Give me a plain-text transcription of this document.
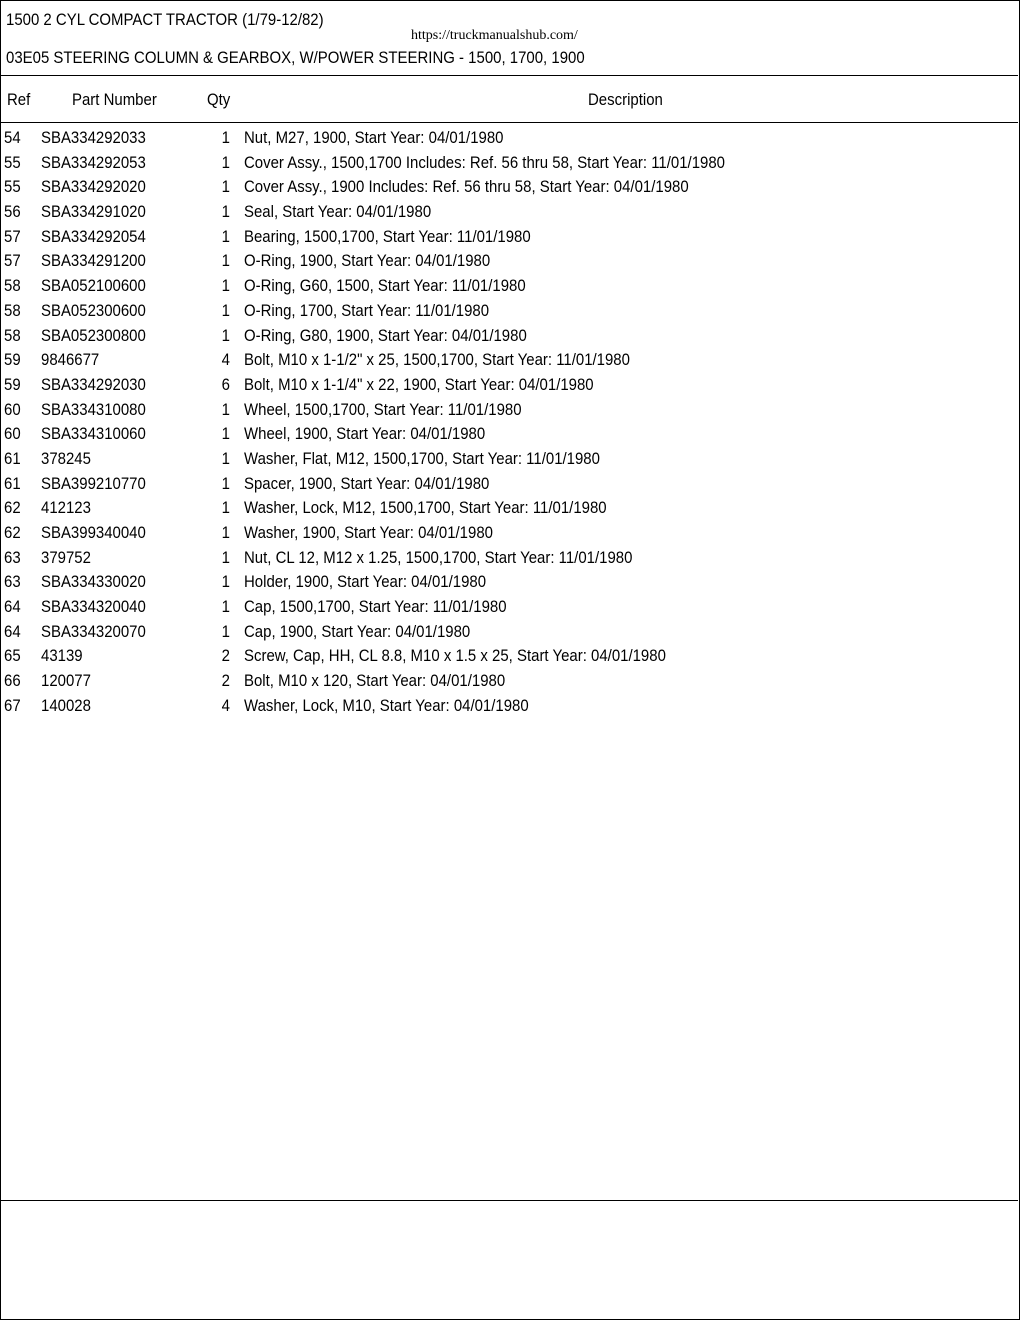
1500 2 CYL COMPACT TRACTOR (1/79-12/82)
https://truckmanualshub.com/
03E05 STEERING COLUMN & GEARBOX, W/POWER STEERING - 1500, 1700, 1900
Ref Part Number	Qty	Description
54 SBA334292033	1 Nut, M27, 1900, Start Year: 04/01/1980
55 SBA334292053	1 Cover Assy., 1500,1700 Includes: Ref. 56 thru 58, Start Year: 11/01/1980
55 SBA334292020	1 Cover Assy., 1900 Includes: Ref. 56 thru 58, Start Year: 04/01/1980
56 SBA334291020	1 Seal, Start Year: 04/01/1980
57 SBA334292054	1 Bearing, 1500,1700, Start Year: 11/01/1980
57 SBA334291200	1 O-Ring, 1900, Start Year: 04/01/1980
58 SBA052100600	1 O-Ring, G60, 1500, Start Year: 11/01/1980
58 SBA052300600	1 O-Ring, 1700, Start Year: 11/01/1980
58 SBA052300800	1 O-Ring, G80, 1900, Start Year: 04/01/1980
59 9846677	4 Bolt, M10 x 1-1/2" x 25, 1500,1700, Start Year: 11/01/1980
59 SBA334292030	6 Bolt, M10 x 1-1/4" x 22, 1900, Start Year: 04/01/1980
60 SBA334310080	1 Wheel, 1500,1700, Start Year: 11/01/1980
60 SBA334310060	1 Wheel, 1900, Start Year: 04/01/1980
61 378245	1 Washer, Flat, M12, 1500,1700, Start Year: 11/01/1980
61 SBA399210770	1 Spacer, 1900, Start Year: 04/01/1980
62 412123	1 Washer, Lock, M12, 1500,1700, Start Year: 11/01/1980
62 SBA399340040	1 Washer, 1900, Start Year: 04/01/1980
63 379752	1 Nut, CL 12, M12 x 1.25, 1500,1700, Start Year: 11/01/1980
63 SBA334330020	1 Holder, 1900, Start Year: 04/01/1980
64 SBA334320040	1 Cap, 1500,1700, Start Year: 11/01/1980
64 SBA334320070	1 Cap, 1900, Start Year: 04/01/1980
65 43139	2 Screw, Cap, HH, CL 8.8, M10 x 1.5 x 25, Start Year: 04/01/1980
66 120077	2 Bolt, M10 x 120, Start Year: 04/01/1980
67 140028	4 Washer, Lock, M10, Start Year: 04/01/1980
